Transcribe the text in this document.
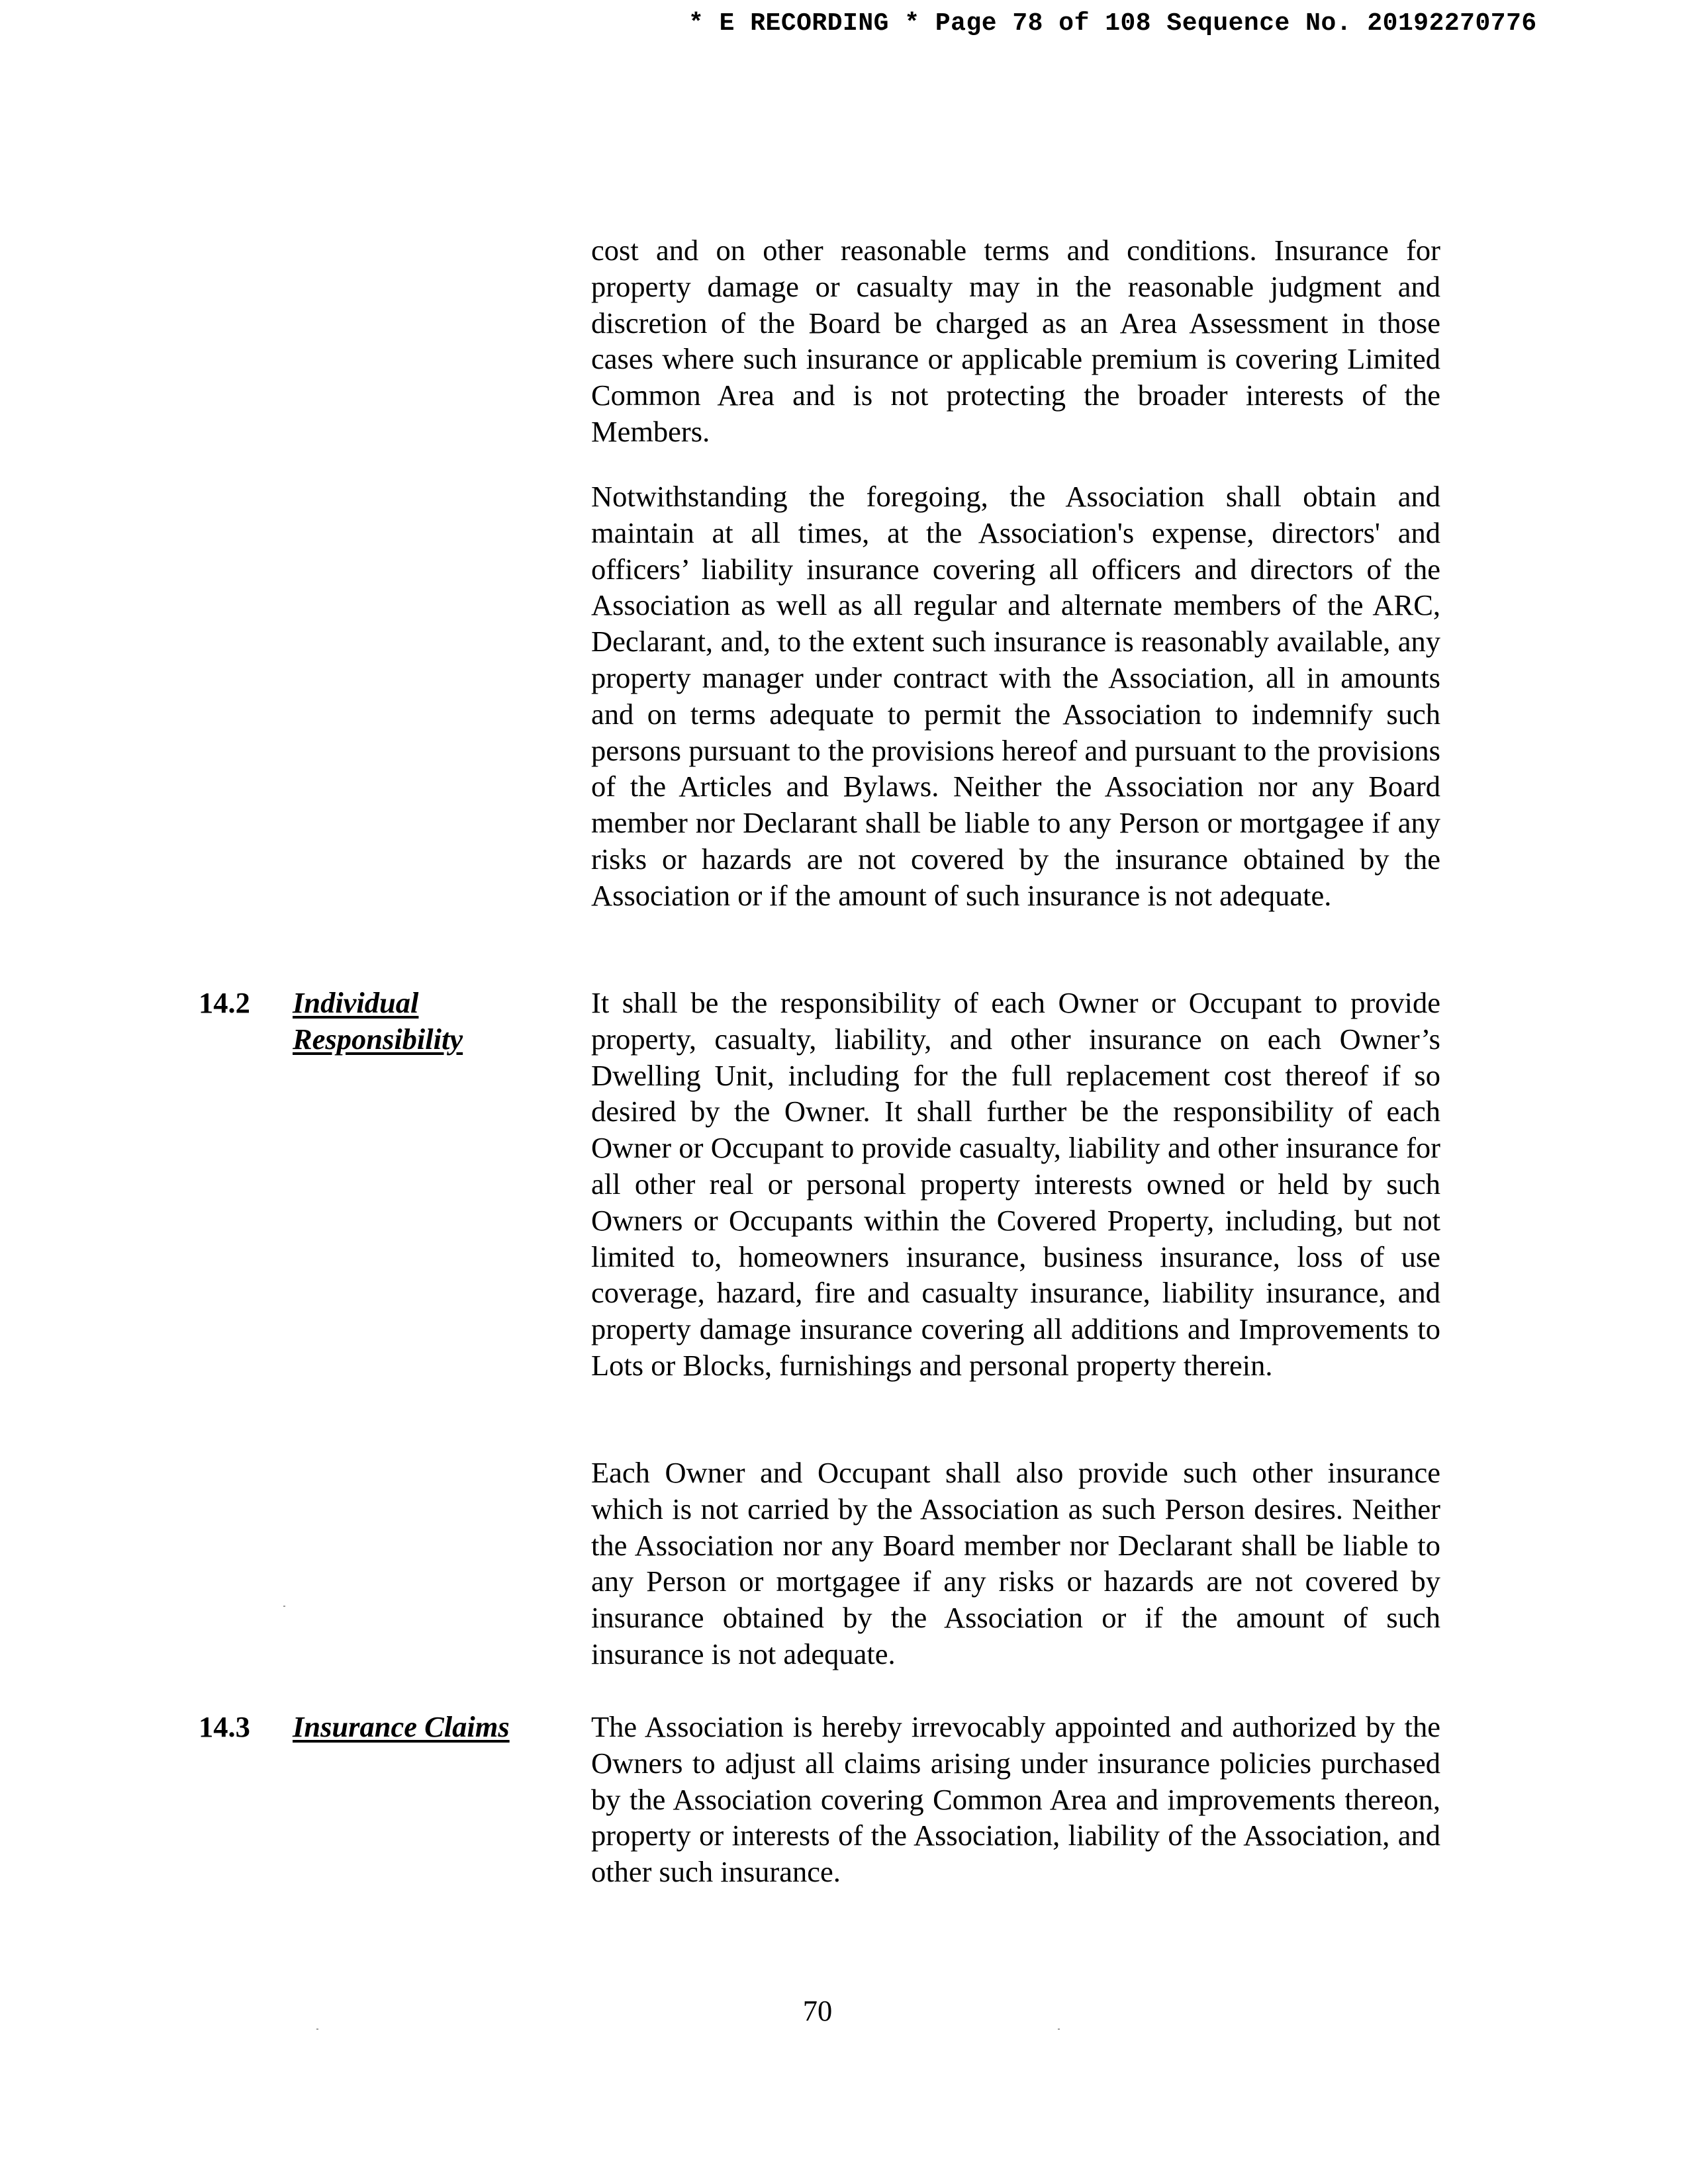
* E RECORDING * Page 78 of 108 Sequence No. 20192270776

cost and on other reasonable terms and conditions. Insurance for property damage or casualty may in the reasonable judgment and discretion of the Board be charged as an Area Assessment in those cases where such insurance or applicable premium is covering Limited Common Area and is not protecting the broader interests of the Members.

Notwithstanding the foregoing, the Association shall obtain and maintain at all times, at the Association's expense, directors' and officers’ liability insurance covering all officers and directors of the Association as well as all regular and alternate members of the ARC, Declarant, and, to the extent such insurance is reasonably available, any property manager under contract with the Association, all in amounts and on terms adequate to permit the Association to indemnify such persons pursuant to the provisions hereof and pursuant to the provisions of the Articles and Bylaws. Neither the Association nor any Board member nor Declarant shall be liable to any Person or mortgagee if any risks or hazards are not covered by the insurance obtained by the Association or if the amount of such insurance is not adequate.

14.2 Individual Responsibility

It shall be the responsibility of each Owner or Occupant to provide property, casualty, liability, and other insurance on each Owner’s Dwelling Unit, including for the full replacement cost thereof if so desired by the Owner. It shall further be the responsibility of each Owner or Occupant to provide casualty, liability and other insurance for all other real or personal property interests owned or held by such Owners or Occupants within the Covered Property, including, but not limited to, homeowners insurance, business insurance, loss of use coverage, hazard, fire and casualty insurance, liability insurance, and property damage insurance covering all additions and Improvements to Lots or Blocks, furnishings and personal property therein.

Each Owner and Occupant shall also provide such other insurance which is not carried by the Association as such Person desires. Neither the Association nor any Board member nor Declarant shall be liable to any Person or mortgagee if any risks or hazards are not covered by insurance obtained by the Association or if the amount of such insurance is not adequate.

14.3 Insurance Claims	The Association is hereby irrevocably appointed and authorized by the Owners to adjust all claims arising under insurance policies purchased by the Association covering Common Area and improvements thereon, property or interests of the Association, liability of the Association, and other such insurance.

70
